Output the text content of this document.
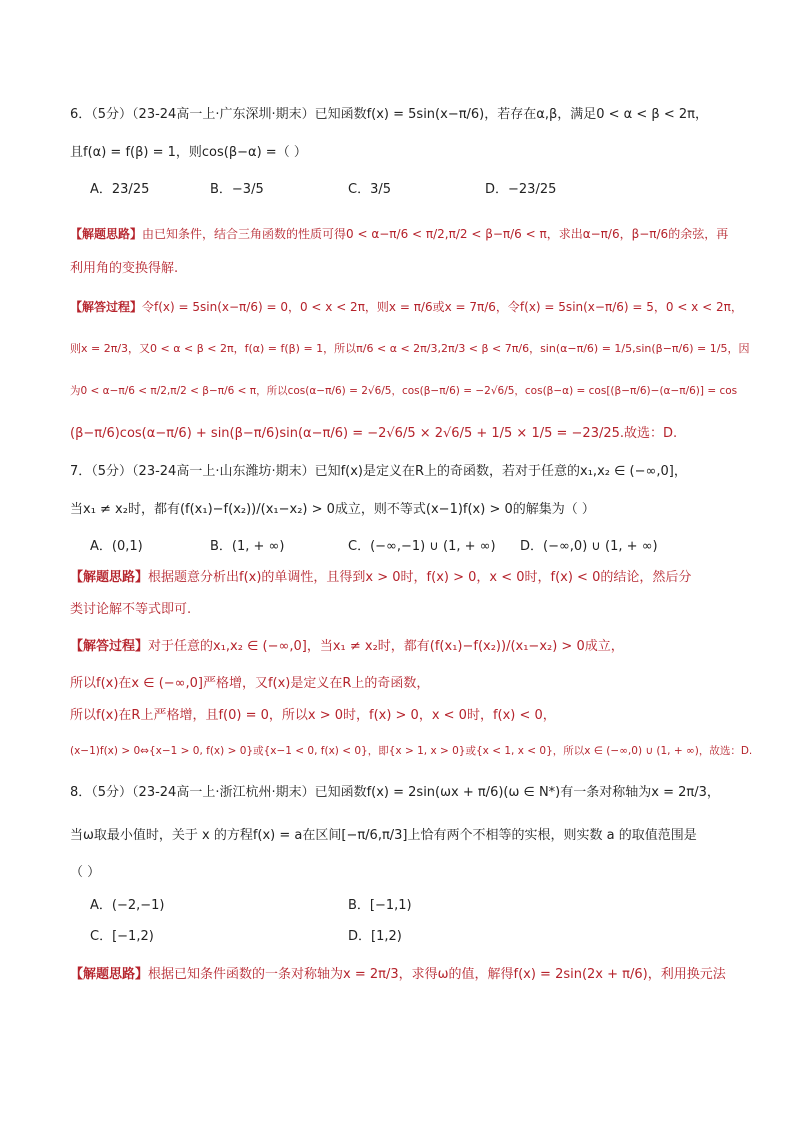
6．（5分）（23-24高一上·广东深圳·期末）已知函数f(x) = 5sin(x−π/6)，若存在α,β，满足0 < α < β < 2π，
且f(α) = f(β) = 1，则cos(β−α) =（ ）
A．23/25	B．−3/5	C．3/5	D．−23/25
【解题思路】由已知条件，结合三角函数的性质可得0 < α−π/6 < π/2,π/2 < β−π/6 < π，求出α−π/6，β−π/6的余弦，再
利用角的变换得解.
【解答过程】令f(x) = 5sin(x−π/6) = 0，0 < x < 2π，则x = π/6或x = 7π/6，令f(x) = 5sin(x−π/6) = 5，0 < x < 2π，
则x = 2π/3，又0 < α < β < 2π，f(α) = f(β) = 1，所以π/6 < α < 2π/3,2π/3 < β < 7π/6，sin(α−π/6) = 1/5,sin(β−π/6) = 1/5，因
为0 < α−π/6 < π/2,π/2 < β−π/6 < π，所以cos(α−π/6) = 2√6/5，cos(β−π/6) = −2√6/5，cos(β−α) = cos[(β−π/6)−(α−π/6)] = cos
(β−π/6)cos(α−π/6) + sin(β−π/6)sin(α−π/6) = −2√6/5 × 2√6/5 + 1/5 × 1/5 = −23/25.故选：D.
7．（5分）（23-24高一上·山东潍坊·期末）已知f(x)是定义在R上的奇函数，若对于任意的x₁,x₂ ∈ (−∞,0]，
当x₁ ≠ x₂时，都有(f(x₁)−f(x₂))/(x₁−x₂) > 0成立，则不等式(x−1)f(x) > 0的解集为（ ）
A．(0,1)	B．(1, + ∞)	C．(−∞,−1) ∪ (1, + ∞) D．(−∞,0) ∪ (1, + ∞)
【解题思路】根据题意分析出f(x)的单调性，且得到x > 0时，f(x) > 0，x < 0时，f(x) < 0的结论，然后分
类讨论解不等式即可.
【解答过程】对于任意的x₁,x₂ ∈ (−∞,0]，当x₁ ≠ x₂时，都有(f(x₁)−f(x₂))/(x₁−x₂) > 0成立，
所以f(x)在x ∈ (−∞,0]严格增，又f(x)是定义在R上的奇函数，
所以f(x)在R上严格增，且f(0) = 0，所以x > 0时，f(x) > 0，x < 0时，f(x) < 0，
(x−1)f(x) > 0⇔{x−1 > 0, f(x) > 0}或{x−1 < 0, f(x) < 0}，即{x > 1, x > 0}或{x < 1, x < 0}，所以x ∈ (−∞,0) ∪ (1, + ∞)，故选：D.
8．（5分）（23-24高一上·浙江杭州·期末）已知函数f(x) = 2sin(ωx + π/6)(ω ∈ N*)有一条对称轴为x = 2π/3，
当ω取最小值时，关于 x 的方程f(x) = a在区间[−π/6,π/3]上恰有两个不相等的实根，则实数 a 的取值范围是
（ ）
A．(−2,−1)	B．[−1,1)
C．[−1,2)	D．[1,2)
【解题思路】根据已知条件函数的一条对称轴为x = 2π/3，求得ω的值，解得f(x) = 2sin(2x + π/6)，利用换元法
